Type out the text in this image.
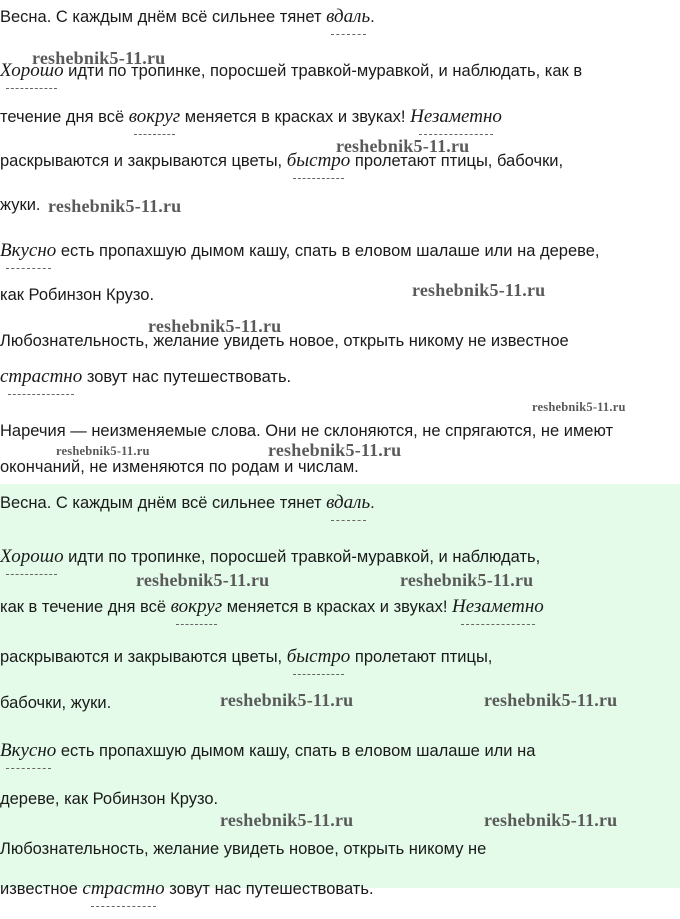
Весна. С каждым днём всё сильнее тянет вдаль.
Хорошо идти по тропинке, поросшей травкой-муравкой, и наблюдать, как в
течение дня всё вокруг меняется в красках и звуках! Незаметно
раскрываются и закрываются цветы, быстро пролетают птицы, бабочки,
жуки.
Вкусно есть пропахшую дымом кашу, спать в еловом шалаше или на дереве,
как Робинзон Крузо.
Любознательность, желание увидеть новое, открыть никому не известное
страстно зовут нас путешествовать.
Наречия — неизменяемые слова. Они не склоняются, не спрягаются, не имеют
окончаний, не изменяются по родам и числам.
reshebnik5-11.ru
reshebnik5-11.ru
reshebnik5-11.ru
reshebnik5-11.ru
reshebnik5-11.ru
reshebnik5-11.ru
reshebnik5-11.ru	reshebnik5-11.ru
Весна. С каждым днём всё сильнее тянет вдаль.
Хорошо идти по тропинке, поросшей травкой-муравкой, и наблюдать,
как в течение дня всё вокруг меняется в красках и звуках! Незаметно
раскрываются и закрываются цветы, быстро пролетают птицы,
бабочки, жуки.
Вкусно есть пропахшую дымом кашу, спать в еловом шалаше или на
дереве, как Робинзон Крузо.
Любознательность, желание увидеть новое, открыть никому не
известное страстно зовут нас путешествовать.
reshebnik5-11.ru	reshebnik5-11.ru
reshebnik5-11.ru	reshebnik5-11.ru
reshebnik5-11.ru	reshebnik5-11.ru
